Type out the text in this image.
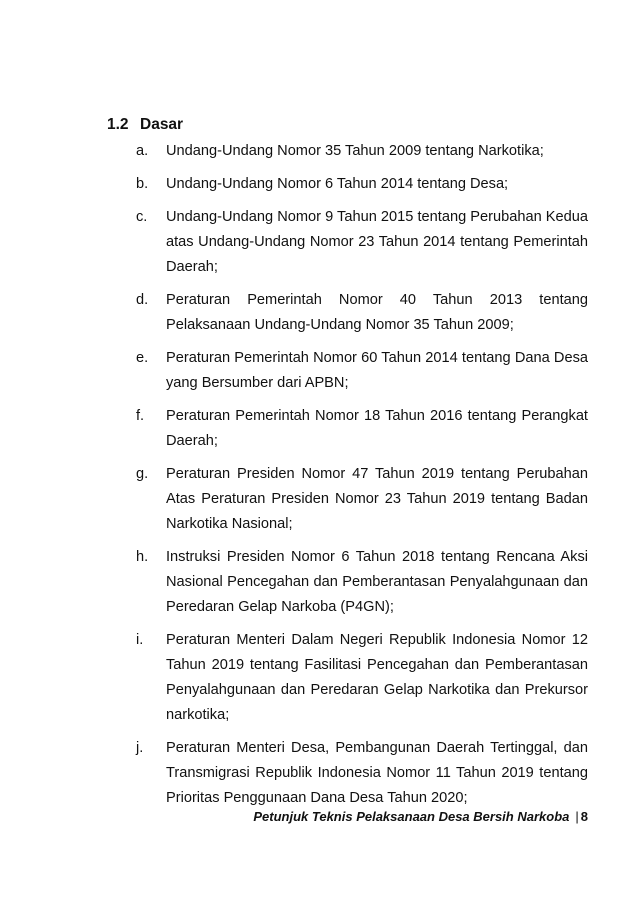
1.2 Dasar
a.	Undang-Undang Nomor 35 Tahun 2009 tentang Narkotika;
b.	Undang-Undang Nomor 6 Tahun 2014 tentang Desa;
c.	Undang-Undang Nomor 9 Tahun 2015 tentang Perubahan Kedua atas Undang-Undang Nomor 23 Tahun 2014 tentang Pemerintah Daerah;
d.	Peraturan Pemerintah Nomor 40 Tahun 2013 tentang Pelaksanaan Undang-Undang Nomor 35 Tahun 2009;
e.	Peraturan Pemerintah Nomor 60 Tahun 2014 tentang Dana Desa yang Bersumber dari APBN;
f.	Peraturan Pemerintah Nomor 18 Tahun 2016 tentang Perangkat Daerah;
g.	Peraturan Presiden Nomor 47 Tahun 2019 tentang Perubahan Atas Peraturan Presiden Nomor 23 Tahun 2019 tentang Badan Narkotika Nasional;
h.	Instruksi Presiden Nomor 6 Tahun 2018 tentang Rencana Aksi Nasional Pencegahan dan Pemberantasan Penyalahgunaan dan Peredaran Gelap Narkoba (P4GN);
i.	Peraturan Menteri Dalam Negeri Republik Indonesia Nomor 12 Tahun 2019 tentang Fasilitasi Pencegahan dan Pemberantasan Penyalahgunaan dan Peredaran Gelap Narkotika dan Prekursor narkotika;
j.	Peraturan Menteri Desa, Pembangunan Daerah Tertinggal, dan Transmigrasi Republik Indonesia Nomor 11 Tahun 2019 tentang Prioritas Penggunaan Dana Desa Tahun 2020;
Petunjuk Teknis Pelaksanaan Desa Bersih Narkoba | 8
